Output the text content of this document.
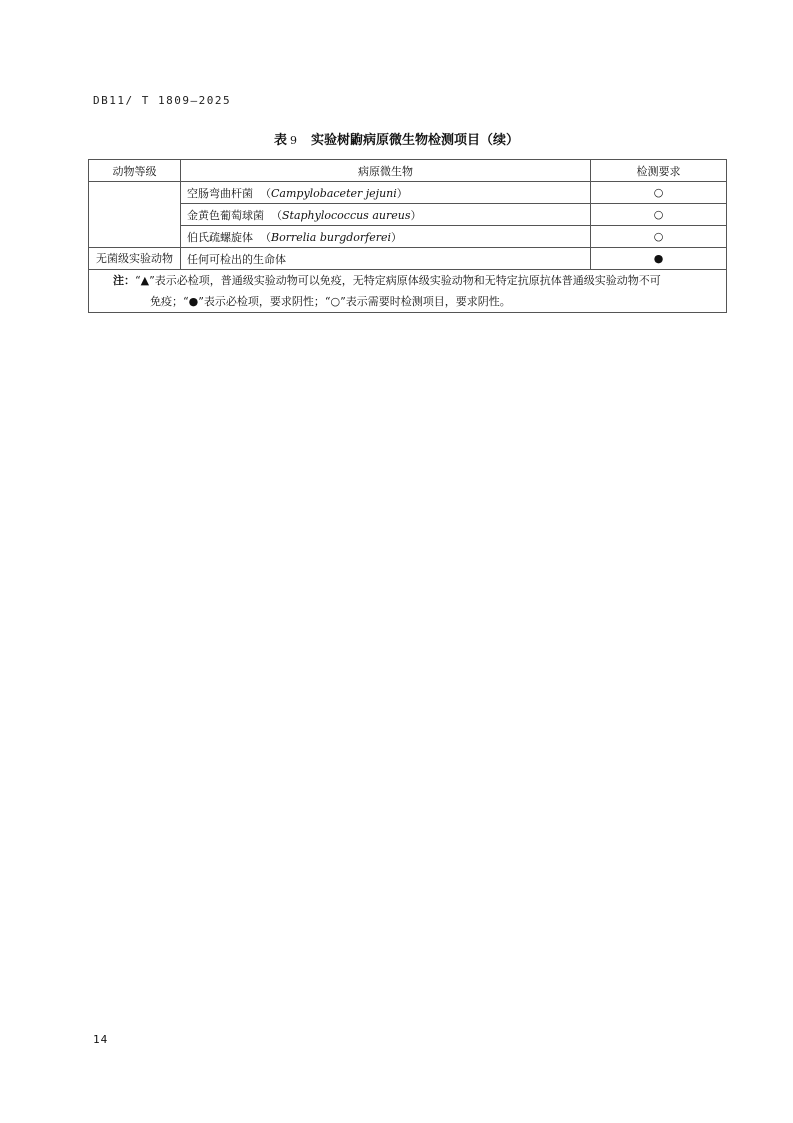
DB11/ T 1809—2025
表 9 实验树鼩病原微生物检测项目（续）
动物等级	病原微生物	检测要求
	空肠弯曲杆菌  （Campylobaceter jejuni）	○
	金黄色葡萄球菌  （Staphylococcus aureus）	○
	伯氏疏螺旋体  （Borrelia burgdorferei）	○
无菌级实验动物	任何可检出的生命体	●

注：“▲”表示必检项，普通级实验动物可以免疫，无特定病原体级实验动物和无特定抗原抗体普通级实验动物不可
免疫；“●”表示必检项，要求阴性；“○”表示需要时检测项目，要求阴性。		
14
